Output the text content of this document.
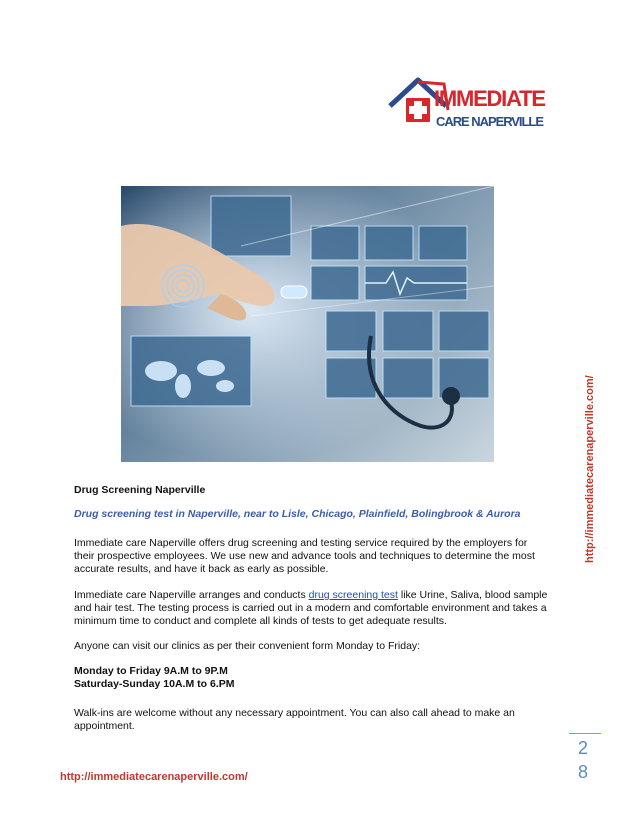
IMMEDIATE
CARE NAPERVILLE
http://immediatecarenaperville.com/

Drug Screening Naperville

Drug screening test in Naperville, near to Lisle, Chicago, Plainfield, Bolingbrook & Aurora

Immediate care Naperville offers drug screening and testing service required by the employers for their prospective employees. We use new and advance tools and techniques to determine the most accurate results, and have it back as early as possible.

Immediate care Naperville arranges and conducts drug screening test like Urine, Saliva, blood sample and hair test. The testing process is carried out in a modern and comfortable environment and takes a minimum time to conduct and complete all kinds of tests to get adequate results.

Anyone can visit our clinics as per their convenient form Monday to Friday:

Monday to Friday 9A.M to 9P.M
Saturday-Sunday 10A.M to 6.PM

Walk-ins are welcome without any necessary appointment. You can also call ahead to make an appointment.

http://immediatecarenaperville.com/
2
8
